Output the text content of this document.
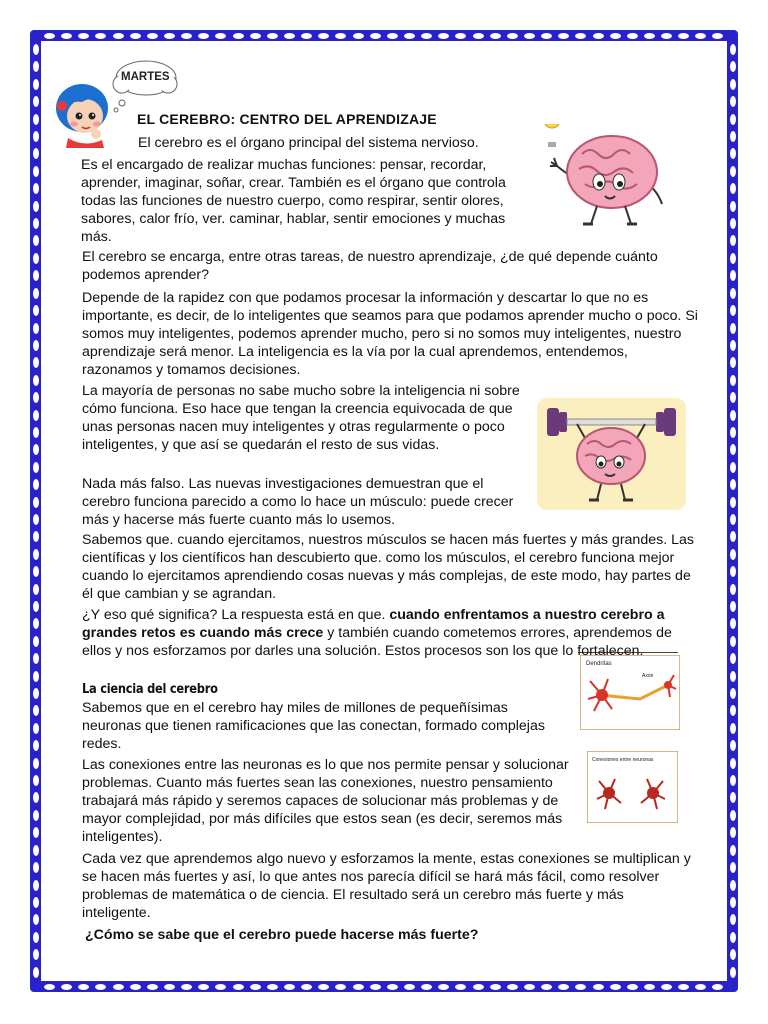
MARTES
EL CEREBRO: CENTRO DEL APRENDIZAJE
Dendritas
Axón
Conexiones entre neuronas

El cerebro es el órgano principal del sistema nervioso.

Es el encargado de realizar muchas funciones: pensar, recordar, aprender, imaginar, soñar, crear. También es el órgano que controla todas las funciones de nuestro cuerpo, como respirar, sentir olores, sabores, calor frío, ver. caminar, hablar, sentir emociones y muchas más.

El cerebro se encarga, entre otras tareas, de nuestro aprendizaje, ¿de qué depende cuánto podemos aprender?

Depende de la rapidez con que podamos procesar la información y descartar lo que no es importante, es decir, de lo inteligentes que seamos para que podamos aprender mucho o poco. Si somos muy inteligentes, podemos aprender mucho, pero si no somos muy inteligentes, nuestro aprendizaje será menor. La inteligencia es la vía por la cual aprendemos, entendemos, razonamos y tomamos decisiones.

La mayoría de personas no sabe mucho sobre la inteligencia ni sobre cómo funciona. Eso hace que tengan la creencia equivocada de que unas personas nacen muy inteligentes y otras regularmente o poco inteligentes, y que así se quedarán el resto de sus vidas.

Nada más falso. Las nuevas investigaciones demuestran que el cerebro funciona parecido a como lo hace un músculo: puede crecer más y hacerse más fuerte cuanto más lo usemos.

Sabemos que. cuando ejercitamos, nuestros músculos se hacen más fuertes y más grandes. Las científicas y los científicos han descubierto que. como los músculos, el cerebro funciona mejor cuando lo ejercitamos aprendiendo cosas nuevas y más complejas, de este modo, hay partes de él que cambian y se agrandan.

¿Y eso qué significa? La respuesta está en que. cuando enfrentamos a nuestro cerebro a grandes retos es cuando más crece y también cuando cometemos errores, aprendemos de ellos y nos esforzamos por darles una solución. Estos procesos son los que lo fortalecen.

La ciencia del cerebro

Sabemos que en el cerebro hay miles de millones de pequeñísimas neuronas que tienen ramificaciones que las conectan, formado complejas redes.

Las conexiones entre las neuronas es lo que nos permite pensar y solucionar problemas. Cuanto más fuertes sean las conexiones, nuestro pensamiento trabajará más rápido y seremos capaces de solucionar más problemas y de mayor complejidad, por más difíciles que estos sean (es decir, seremos más inteligentes).

Cada vez que aprendemos algo nuevo y esforzamos la mente, estas conexiones se multiplican y se hacen más fuertes y así, lo que antes nos parecía difícil se hará más fácil, como resolver problemas de matemática o de ciencia. El resultado será un cerebro más fuerte y más inteligente.

¿Cómo se sabe que el cerebro puede hacerse más fuerte?
